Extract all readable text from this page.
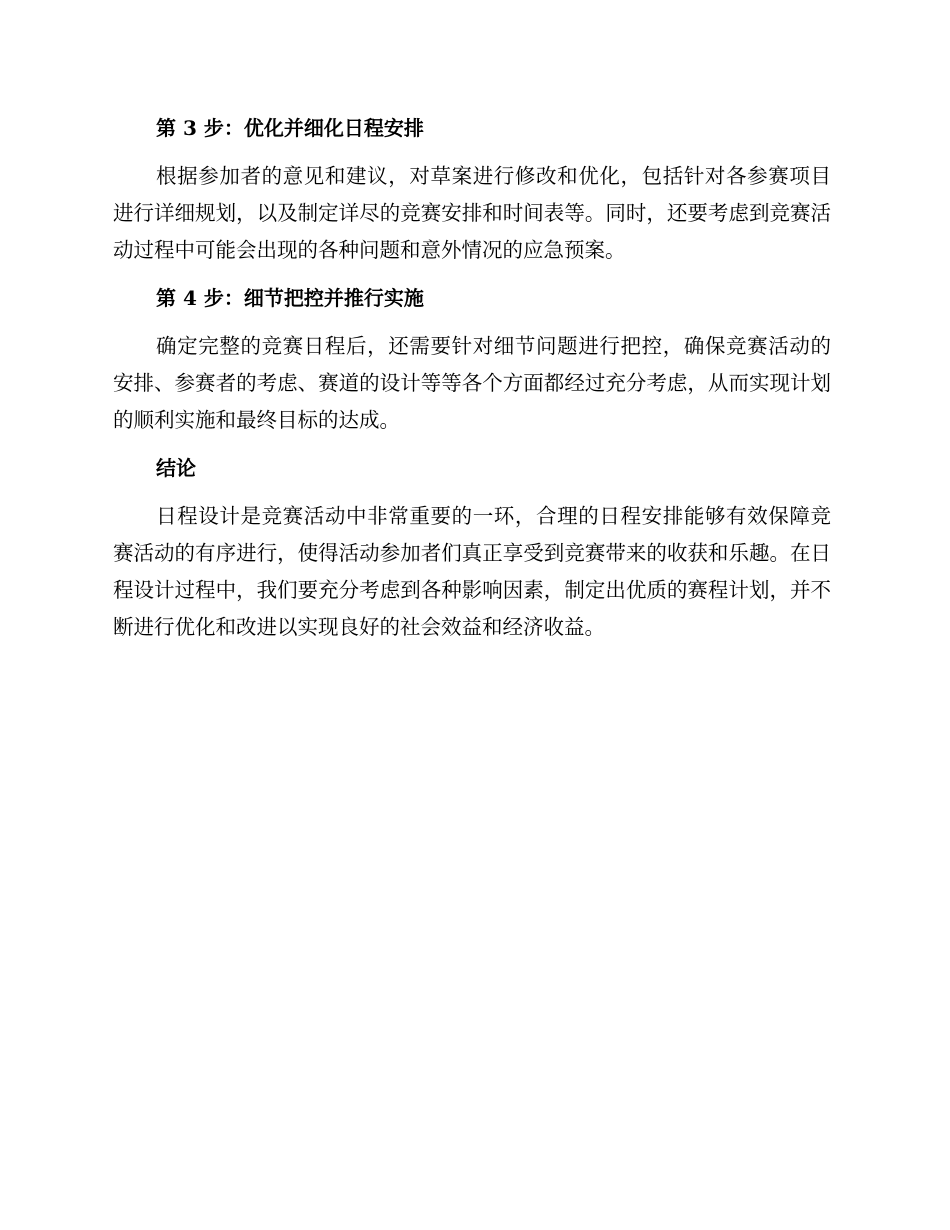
第 3 步：优化并细化日程安排

根据参加者的意见和建议，对草案进行修改和优化，包括针对各参赛项目进行详细规划，以及制定详尽的竞赛安排和时间表等。同时，还要考虑到竞赛活动过程中可能会出现的各种问题和意外情况的应急预案。

第 4 步：细节把控并推行实施

确定完整的竞赛日程后，还需要针对细节问题进行把控，确保竞赛活动的安排、参赛者的考虑、赛道的设计等等各个方面都经过充分考虑，从而实现计划的顺利实施和最终目标的达成。

结论

日程设计是竞赛活动中非常重要的一环，合理的日程安排能够有效保障竞赛活动的有序进行，使得活动参加者们真正享受到竞赛带来的收获和乐趣。在日程设计过程中，我们要充分考虑到各种影响因素，制定出优质的赛程计划，并不断进行优化和改进以实现良好的社会效益和经济收益。
